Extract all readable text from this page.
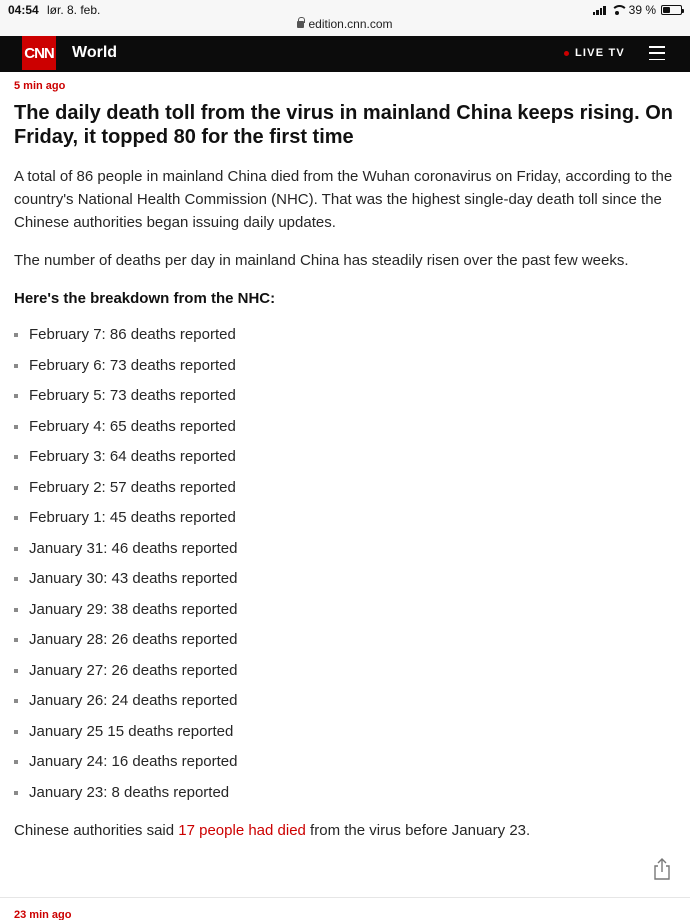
04:54 lør. 8. feb.
edition.cnn.com
39 %
CNN World	LIVE TV
5 min ago
The daily death toll from the virus in mainland China keeps rising. On Friday, it topped 80 for the first time

A total of 86 people in mainland China died from the Wuhan coronavirus on Friday, according to the country's National Health Commission (NHC). That was the highest single-day death toll since the Chinese authorities began issuing daily updates.

The number of deaths per day in mainland China has steadily risen over the past few weeks.

Here's the breakdown from the NHC:

February 7: 86 deaths reported
February 6: 73 deaths reported
February 5: 73 deaths reported
February 4: 65 deaths reported
February 3: 64 deaths reported
February 2: 57 deaths reported
February 1: 45 deaths reported
January 31: 46 deaths reported
January 30: 43 deaths reported
January 29: 38 deaths reported
January 28: 26 deaths reported
January 27: 26 deaths reported
January 26: 24 deaths reported
January 25 15 deaths reported
January 24: 16 deaths reported
January 23: 8 deaths reported

Chinese authorities said 17 people had died from the virus before January 23.

23 min ago
